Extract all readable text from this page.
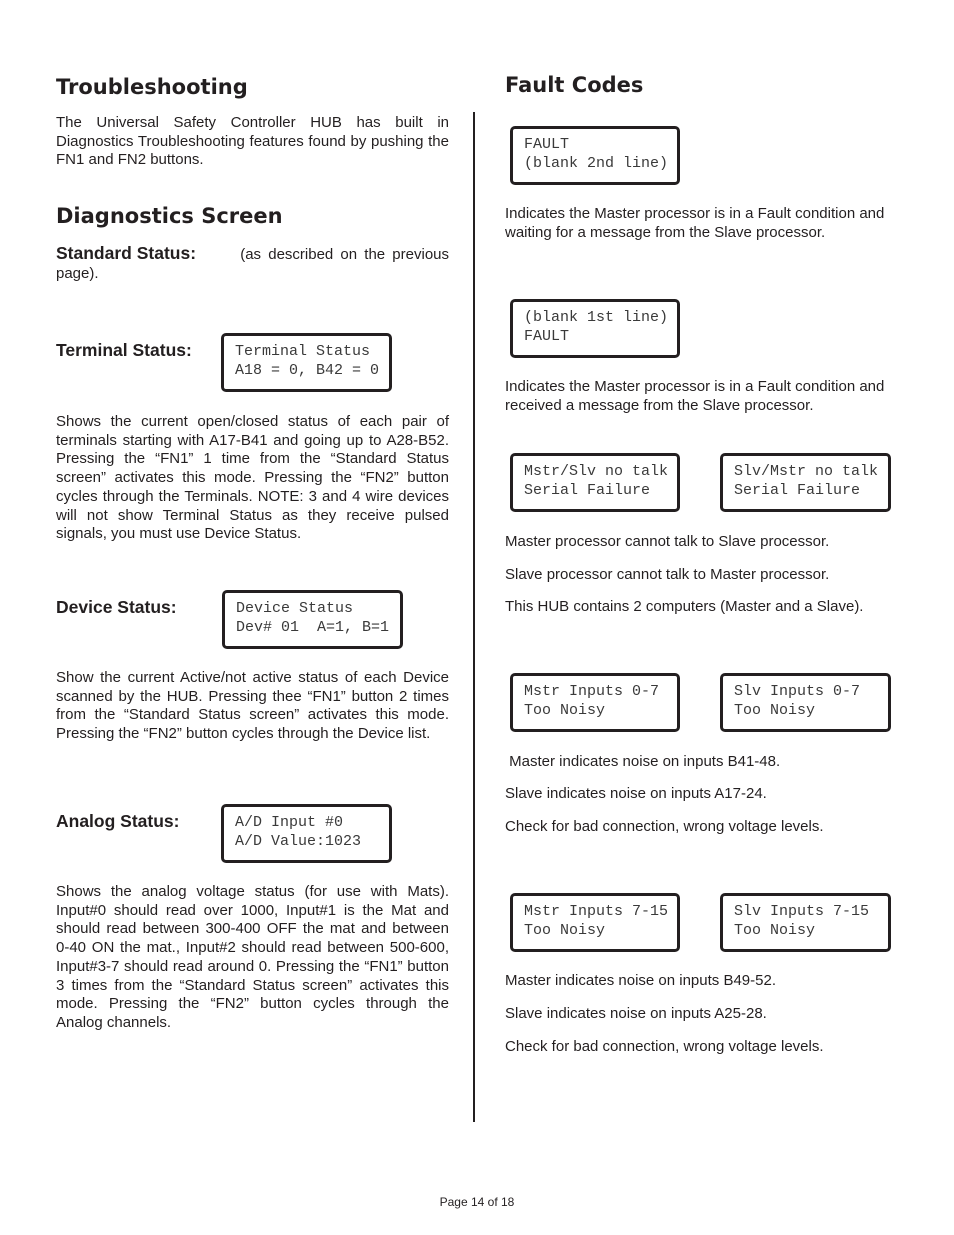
Troubleshooting

The Universal Safety Controller HUB has built in Diagnostics Troubleshooting features found by pushing the FN1 and FN2 buttons.

Diagnostics Screen
Standard Status:	(as described on the previous
page).
Terminal Status:	Terminal Status
A18 = 0, B42 = 0

Shows the current open/closed status of each pair of terminals starting with A17-B41 and going up to A28-B52. Pressing the “FN1” 1 time from the “Standard Status screen” activates this mode. Pressing the “FN2” button cycles through the Terminals. NOTE: 3 and 4 wire devices will not show Terminal Status as they receive pulsed signals, you must use Device Status.

Device Status:	Device Status
Dev# 01  A=1, B=1

Show the current Active/not active status of each Device scanned by the HUB. Pressing thee “FN1” button 2 times from the “Standard Status screen” activates this mode. Pressing the “FN2” button cycles through the Device list.

Analog Status:	A/D Input #0
A/D Value:1023

Shows the analog voltage status (for use with Mats). Input#0 should read over 1000, Input#1 is the Mat and should read between 300-400 OFF the mat and between 0-40 ON the mat., Input#2 should read between 500-600, Input#3-7 should read around 0. Pressing the “FN1” button 3 times from the “Standard Status screen” activates this mode. Pressing the “FN2” button cycles through the Analog channels.

Fault Codes
FAULT
(blank 2nd line)

Indicates the Master processor is in a Fault condition and waiting for a message from the Slave processor.

(blank 1st line)
FAULT

Indicates the Master processor is in a Fault condition and received a message from the Slave processor.

Mstr/Slv no talk
Serial Failure
Slv/Mstr no talk
Serial Failure

Master processor cannot talk to Slave processor.

Slave processor cannot talk to Master processor.

This HUB contains 2 computers (Master and a Slave).

Mstr Inputs 0-7
Too Noisy
Slv Inputs 0-7
Too Noisy

Master indicates noise on inputs B41-48.

Slave indicates noise on inputs A17-24.

Check for bad connection, wrong voltage levels.

Mstr Inputs 7-15
Too Noisy
Slv Inputs 7-15
Too Noisy

Master indicates noise on inputs B49-52.

Slave indicates noise on inputs A25-28.

Check for bad connection, wrong voltage levels.

Page 14 of 18
